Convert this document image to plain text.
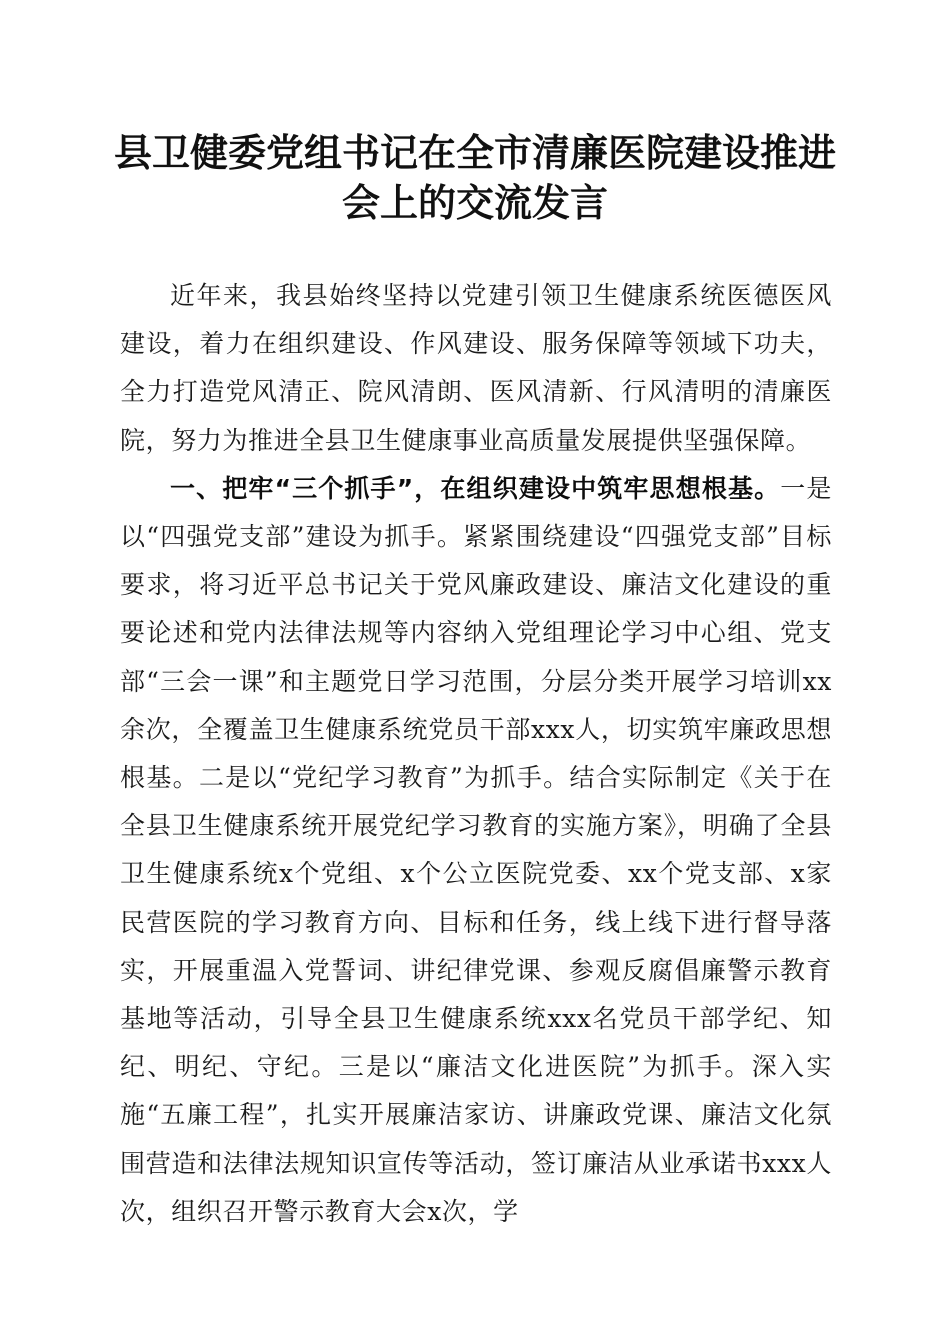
县卫健委党组书记在全市清廉医院建设推进会上的交流发言

近年来，我县始终坚持以党建引领卫生健康系统医德医风建设，着力在组织建设、作风建设、服务保障等领域下功夫，全力打造党风清正、院风清朗、医风清新、行风清明的清廉医院，努力为推进全县卫生健康事业高质量发展提供坚强保障。

一、把牢“三个抓手”，在组织建设中筑牢思想根基。一是以“四强党支部”建设为抓手。紧紧围绕建设“四强党支部”目标要求，将习近平总书记关于党风廉政建设、廉洁文化建设的重要论述和党内法律法规等内容纳入党组理论学习中心组、党支部“三会一课”和主题党日学习范围，分层分类开展学习培训xx余次，全覆盖卫生健康系统党员干部xxx人，切实筑牢廉政思想根基。二是以“党纪学习教育”为抓手。结合实际制定《关于在全县卫生健康系统开展党纪学习教育的实施方案》，明确了全县卫生健康系统x个党组、x个公立医院党委、xx个党支部、x家民营医院的学习教育方向、目标和任务，线上线下进行督导落实，开展重温入党誓词、讲纪律党课、参观反腐倡廉警示教育基地等活动，引导全县卫生健康系统xxx名党员干部学纪、知纪、明纪、守纪。三是以“廉洁文化进医院”为抓手。深入实施“五廉工程”，扎实开展廉洁家访、讲廉政党课、廉洁文化氛围营造和法律法规知识宣传等活动，签订廉洁从业承诺书xxx人次，组织召开警示教育大会x次，学
